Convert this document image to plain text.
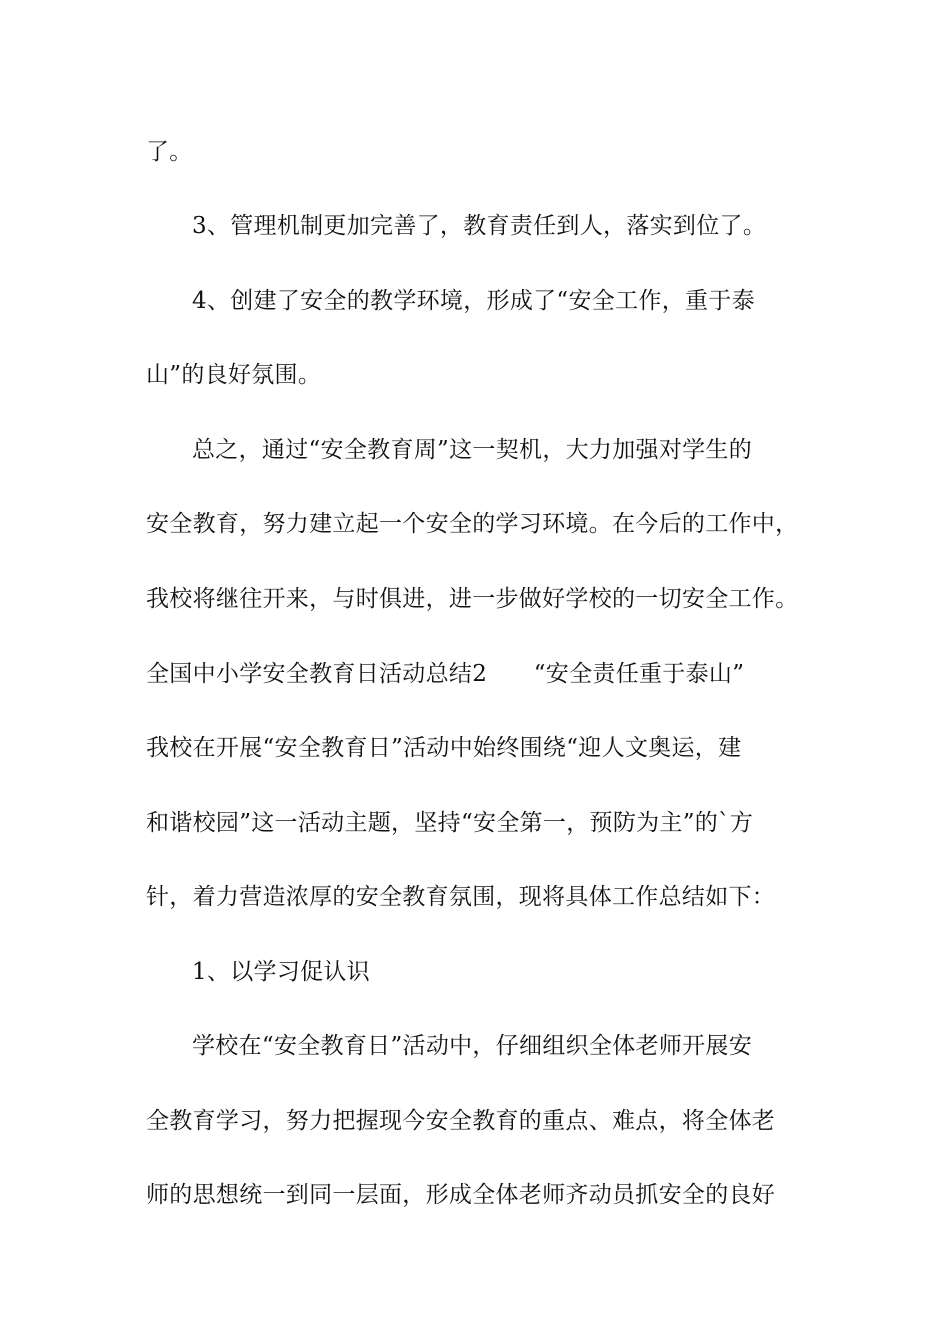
了。
3、管理机制更加完善了，教育责任到人，落实到位了。
4、创建了安全的教学环境，形成了“安全工作，重于泰
山”的良好氛围。
总之，通过“安全教育周”这一契机，大力加强对学生的
安全教育，努力建立起一个安全的学习环境。在今后的工作中，
我校将继往开来，与时俱进，进一步做好学校的一切安全工作。
全国中小学安全教育日活动总结2　　“安全责任重于泰山”
我校在开展“安全教育日”活动中始终围绕“迎人文奥运，建
和谐校园”这一活动主题，坚持“安全第一，预防为主”的`方
针，着力营造浓厚的安全教育氛围，现将具体工作总结如下：
1、以学习促认识
学校在“安全教育日”活动中，仔细组织全体老师开展安
全教育学习，努力把握现今安全教育的重点、难点，将全体老
师的思想统一到同一层面，形成全体老师齐动员抓安全的良好
